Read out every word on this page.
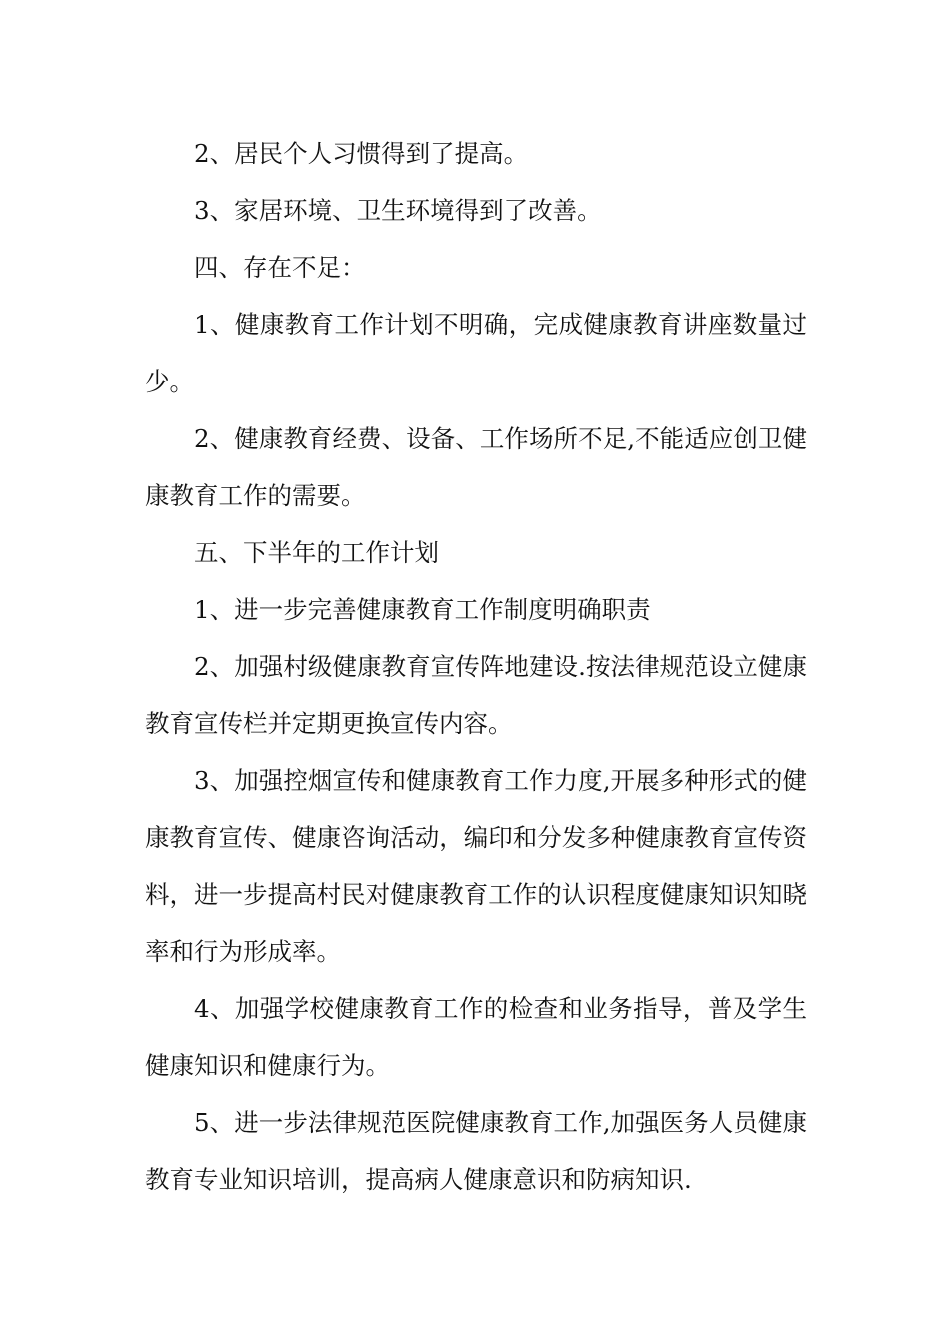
2、居民个人习惯得到了提高。

3、家居环境、卫生环境得到了改善。

四、存在不足：

1、健康教育工作计划不明确，完成健康教育讲座数量过少。

2、健康教育经费、设备、工作场所不足,不能适应创卫健康教育工作的需要。

五、下半年的工作计划

1、进一步完善健康教育工作制度明确职责

2、加强村级健康教育宣传阵地建设.按法律规范设立健康教育宣传栏并定期更换宣传内容。

3、加强控烟宣传和健康教育工作力度,开展多种形式的健康教育宣传、健康咨询活动，编印和分发多种健康教育宣传资料，进一步提高村民对健康教育工作的认识程度健康知识知晓率和行为形成率。

4、加强学校健康教育工作的检查和业务指导，普及学生健康知识和健康行为。

5、进一步法律规范医院健康教育工作,加强医务人员健康教育专业知识培训，提高病人健康意识和防病知识.
